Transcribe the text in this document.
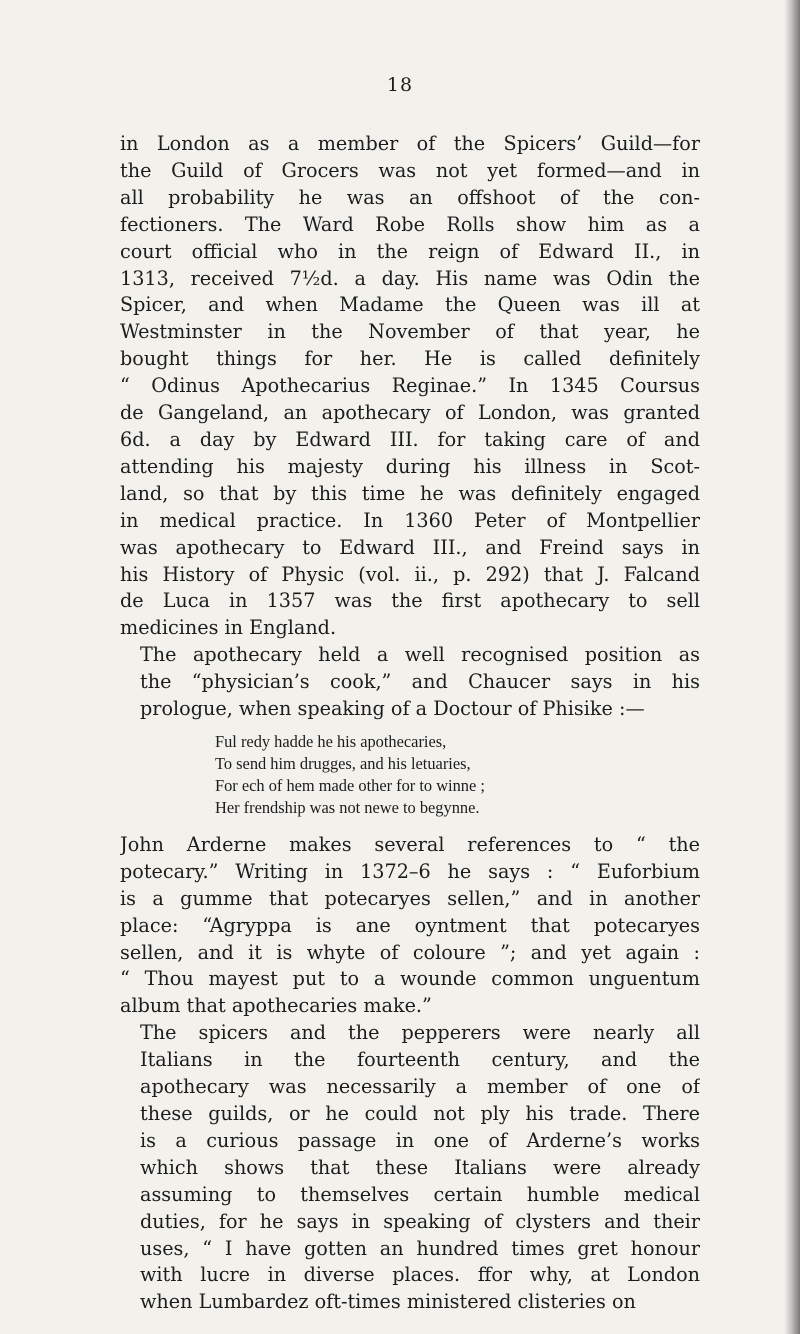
18
in London as a member of the Spicers’ Guild—for
the Guild of Grocers was not yet formed—and in
all probability he was an offshoot of the con-
fectioners. The Ward Robe Rolls show him as a
court official who in the reign of Edward II., in
1313, received 7½d. a day. His name was Odin the
Spicer, and when Madame the Queen was ill at
Westminster in the November of that year, he
bought things for her. He is called definitely
“ Odinus Apothecarius Reginae.” In 1345 Coursus
de Gangeland, an apothecary of London, was granted
6d. a day by Edward III. for taking care of and
attending his majesty during his illness in Scot-
land, so that by this time he was definitely engaged
in medical practice. In 1360 Peter of Montpellier
was apothecary to Edward III., and Freind says in
his History of Physic (vol. ii., p. 292) that J. Falcand
de Luca in 1357 was the first apothecary to sell
medicines in England.
The apothecary held a well recognised position as
the “physician’s cook,” and Chaucer says in his
prologue, when speaking of a Doctour of Phisike :—
Ful redy hadde he his apothecaries,
To send him drugges, and his letuaries,
For ech of hem made other for to winne ;
Her frendship was not newe to begynne.
John Arderne makes several references to “ the
potecary.” Writing in 1372–6 he says : “ Euforbium
is a gumme that potecaryes sellen,” and in another
place: “Agryppa is ane oyntment that potecaryes
sellen, and it is whyte of coloure ”; and yet again :
“ Thou mayest put to a wounde common unguentum
album that apothecaries make.”
The spicers and the pepperers were nearly all
Italians in the fourteenth century, and the
apothecary was necessarily a member of one of
these guilds, or he could not ply his trade. There
is a curious passage in one of Arderne’s works
which shows that these Italians were already
assuming to themselves certain humble medical
duties, for he says in speaking of clysters and their
uses, “ I have gotten an hundred times gret honour
with lucre in diverse places. ffor why, at London
when Lumbardez oft-times ministered clisteries on
